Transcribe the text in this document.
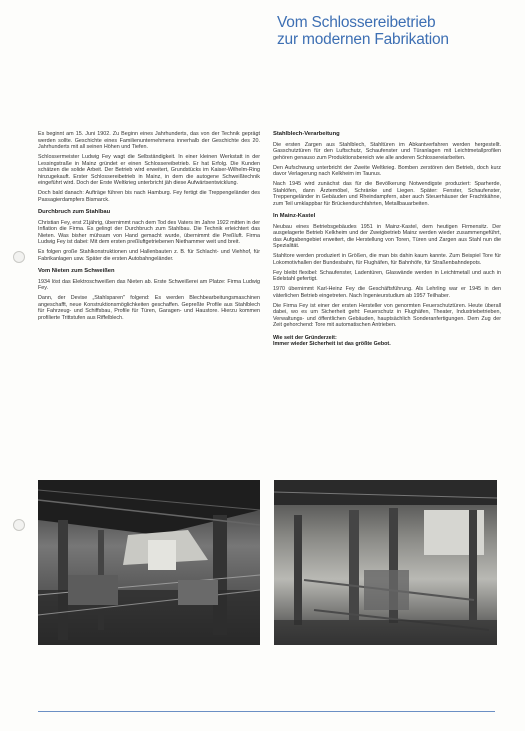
Vom Schlossereibetrieb
zur modernen Fabrikation

Es beginnt am 15. Juni 1902. Zu Beginn eines Jahrhunderts, das von der Technik geprägt werden sollte. Geschichte eines Familienunternehmens innerhalb der Geschichte des 20. Jahrhunderts mit all seinen Höhen und Tiefen.

Schlossermeister Ludwig Fey wagt die Selbständigkeit. In einer kleinen Werkstatt in der Lessingstraße in Mainz gründet er einen Schlossereibetrieb. Er hat Erfolg. Die Kunden schätzen die solide Arbeit. Der Betrieb wird erweitert, Grundstücks im Kaiser-Wilhelm-Ring hinzugekauft. Erster Schlossereibetrieb in Mainz, in dem die autogene Schweißtechnik eingeführt wird. Doch der Erste Weltkrieg unterbricht jäh diese Aufwärtsentwicklung.

Doch bald danach: Aufträge führen bis nach Hamburg. Fey fertigt die Treppengeländer des Passagierdampfers Bismarck.

Durchbruch zum Stahlbau

Christian Fey, erst 21jährig, übernimmt nach dem Tod des Vaters im Jahre 1922 mitten in der Inflation die Firma. Es gelingt der Durchbruch zum Stahlbau. Die Technik erleichtert das Nieten. Was bisher mühsam von Hand gemacht wurde, übernimmt die Preßluft. Firma Ludwig Fey ist dabei: Mit dem ersten preßluftgetriebenen Niethammer weit und breit.

Es folgen große Stahlkonstruktionen und Hallenbauten z. B. für Schlacht- und Viehhof, für Fabrikanlagen usw. Später die ersten Autobahngeländer.

Vom Nieten zum Schweißen

1934 löst das Elektroschweißen das Nieten ab. Erste Schweißerei am Platze: Firma Ludwig Fey.

Dann, der Devise „Stahlsparen" folgend: Es werden Blechbearbeitungsmaschinen angeschafft, neue Konstruktionsmöglichkeiten geschaffen. Gepreßte Profile aus Stahlblech für Fahrzeug- und Schiffsbau, Profile für Türen, Garagen- und Haustore. Hierzu kommen profilierte Trittstufen aus Riffelblech.

Stahlblech-Verarbeitung

Die ersten Zargen aus Stahlblech, Stahltüren im Abkantverfahren werden hergestellt. Gasschutztüren für den Luftschutz, Schaufenster und Türanlagen mit Leichtmetallprofilen gehören genauso zum Produktionsbereich wie alle anderen Schlossereiarbeiten.

Den Aufschwung unterbricht der Zweite Weltkrieg. Bomben zerstören den Betrieb, doch kurz davor Verlagerung nach Kelkheim im Taunus.

Nach 1945 wird zunächst das für die Bevölkerung Notwendigste produziert: Sparherde, Stahlöfen, dann Ärztemöbel, Schränke und Liegen. Später: Fenster, Schaufenster, Treppengeländer in Gebäuden und Rheindampfern, aber auch Steuerhäuser der Frachtkähne, zum Teil umklappbar für Brückendurchfahrten, Metallbauarbeiten.

In Mainz-Kastel

Neubau eines Betriebsgebäudes 1951 in Mainz-Kastel, dem heutigen Firmensitz. Der ausgelagerte Betrieb Kelkheim und der Zweigbetrieb Mainz werden wieder zusammengeführt, das Aufgabengebiet erweitert, die Herstellung von Toren, Türen und Zargen aus Stahl nun die Spezialität.

Stahltore werden produziert in Größen, die man bis dahin kaum kannte. Zum Beispiel Tore für Lokomotivhallen der Bundesbahn, für Flughäfen, für Bahnhöfe, für Straßenbahndepots.

Fey bleibt flexibel: Schaufenster, Ladentüren, Glaswände werden in Leichtmetall und auch in Edelstahl gefertigt.

1970 übernimmt Karl-Heinz Fey die Geschäftsführung. Als Lehrling war er 1945 in den väterlichen Betrieb eingetreten. Nach Ingenieurstudium ab 1957 Teilhaber.

Die Firma Fey ist einer der ersten Hersteller von genormten Feuerschutztüren. Heute überall dabei, wo es um Sicherheit geht: Feuerschutz in Flughäfen, Theater, Industriebetrieben, Verwaltungs- und öffentlichen Gebäuden, hauptsächlich Sonderanfertigungen. Dem Zug der Zeit gehorchend: Tore mit automatischen Antrieben.

Wie seit der Gründerzeit:
Immer wieder Sicherheit ist das größte Gebot.
